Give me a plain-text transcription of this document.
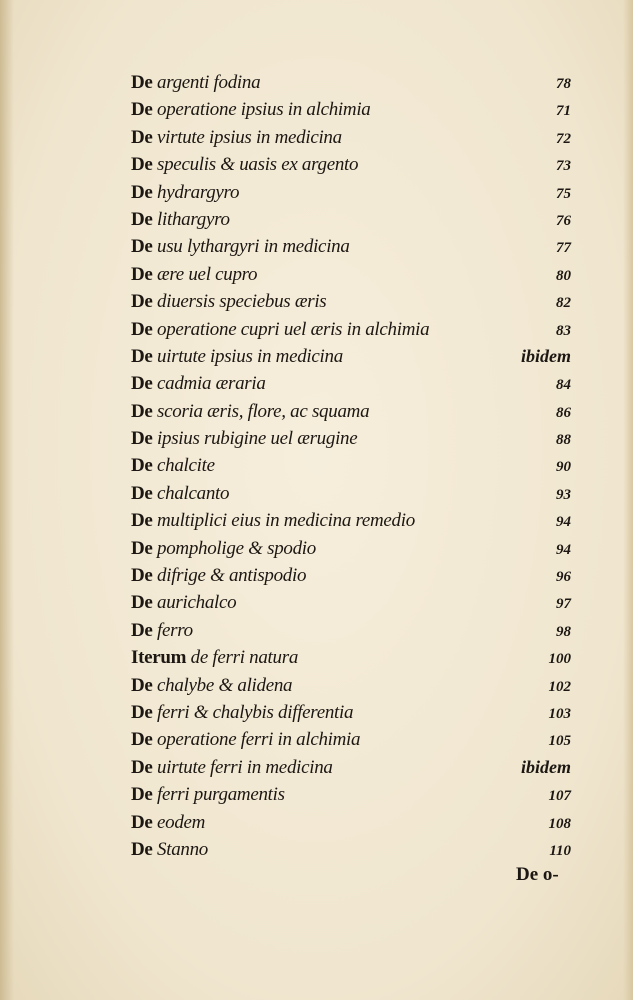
De argenti fodina	78
De operatione ipsius in alchimia	71
De virtute ipsius in medicina	72
De speculis & uasis ex argento	73
De hydrargyro	75
De lithargyro	76
De usu lythargyri in medicina	77
De ære uel cupro	80
De diuersis speciebus æris	82
De operatione cupri uel æris in alchimia	83
De uirtute ipsius in medicina	ibidem
De cadmia æraria	84
De scoria æris, flore, ac squama	86
De ipsius rubigine uel ærugine	88
De chalcite	90
De chalcanto	93
De multiplici eius in medicina remedio	94
De pompholige & spodio	94
De difrige & antispodio	96
De aurichalco	97
De ferro	98
Iterum de ferri natura	100
De chalybe & alidena	102
De ferri & chalybis differentia	103
De operatione ferri in alchimia	105
De uirtute ferri in medicina	ibidem
De ferri purgamentis	107
De eodem	108
De Stanno	110
De o-
